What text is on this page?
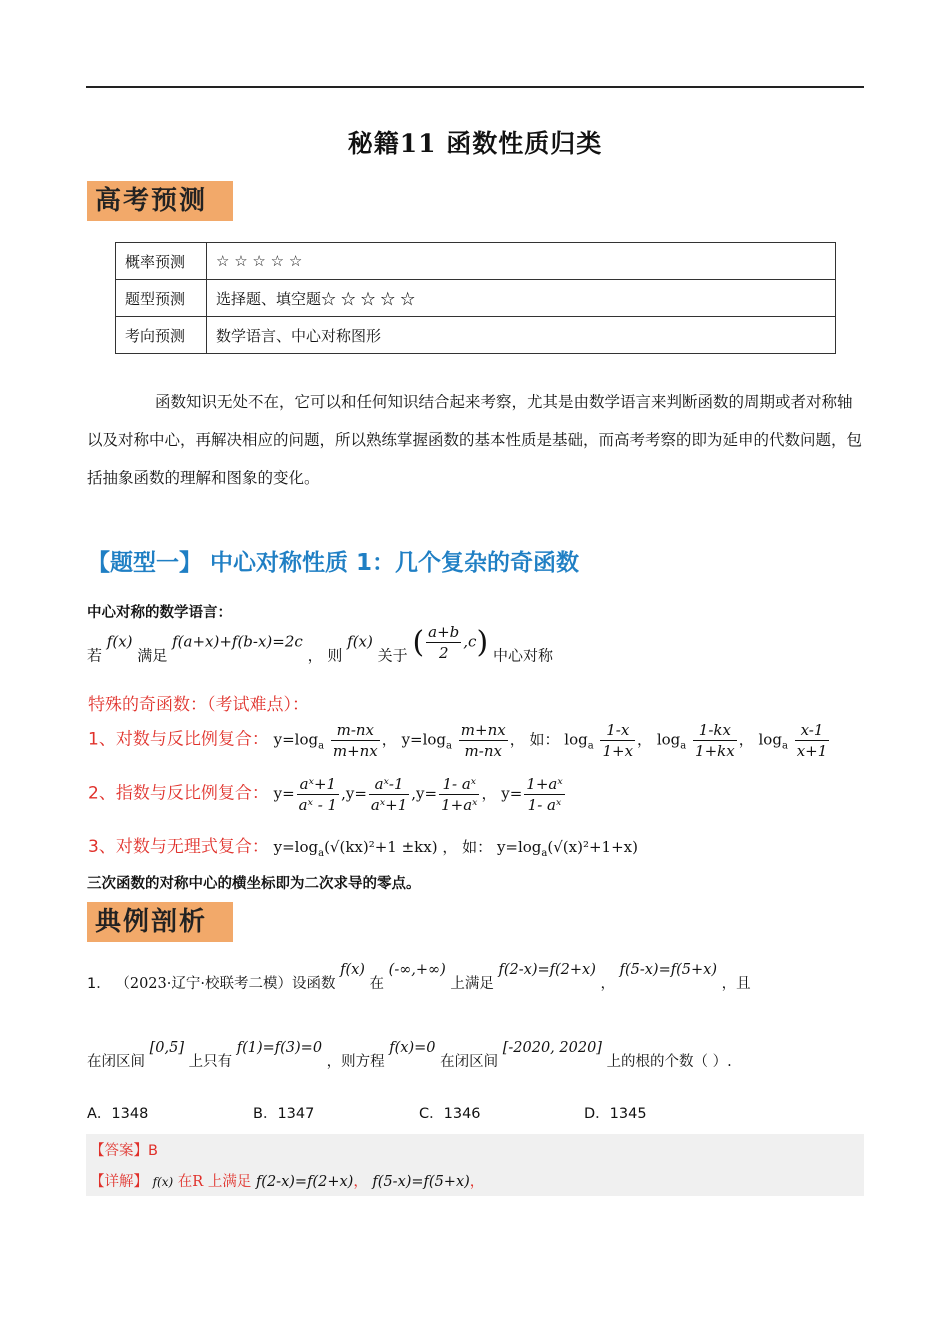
秘籍11 函数性质归类
高考预测
概率预测	☆ ☆ ☆ ☆ ☆
题型预测	选择题、填空题☆ ☆ ☆ ☆ ☆
考向预测	数学语言、中心对称图形
函数知识无处不在，它可以和任何知识结合起来考察，尤其是由数学语言来判断函数的周期或者对称轴以及对称中心，再解决相应的问题，所以熟练掌握函数的基本性质是基础，而高考考察的即为延申的代数问题，包括抽象函数的理解和图象的变化。
【题型一】 中心对称性质 1：几个复杂的奇函数
中心对称的数学语言：
若 f(x) 满足 f(a+x)+f(b-x)=2c ， 则 f(x) 关于 ( $\frac{a+b}{2} ,c$) 中心对称
特殊的奇函数：（考试难点）：
1、对数与反比例复合： $y=\log_a \frac{m-nx}{m+nx}$ ， $y=\log_a \frac{m+nx}{m-nx}$ ， 如： $\log_a \frac{1-x}{1+x}$ ， $\log_a \frac{1-kx}{1+kx}$ ， $\log_a \frac{x-1}{x+1}$
2、指数与反比例复合： $y= \frac{\text{aˣ+1}}{\text{aˣ - 1}} ,y= \frac{\text{aˣ-1}}{\text{aˣ+1}} ,y= \frac{\text{1- aˣ}}{\text{1+aˣ}}$ ， $y= \frac{\text{1+aˣ}}{\text{1- aˣ}}$
3、对数与无理式复合： $y=\log_a(√(kx)^2+1 \pm kx)$ ， 如： $y=\log_a(√(x)^2+1+x)$
三次函数的对称中心的横坐标即为二次求导的零点。
典例剖析
1． （2023·辽宁·校联考二模）设函数 f(x) 在 (-∞,+∞) 上满足 f(2-x)=f(2+x) ， f(5-x)=f(5+x) ，且
在闭区间 [0,5] 上只有 f(1)=f(3)=0 ，则方程 f(x)=0 在闭区间 [-2020, 2020] 上的根的个数（ ）.
A．1348	B．1347	C．1346	D．1345
【答案】B
【详解】 f(x) 在R 上满足 f(2-x)=f(2+x)， f(5-x)=f(5+x)，
